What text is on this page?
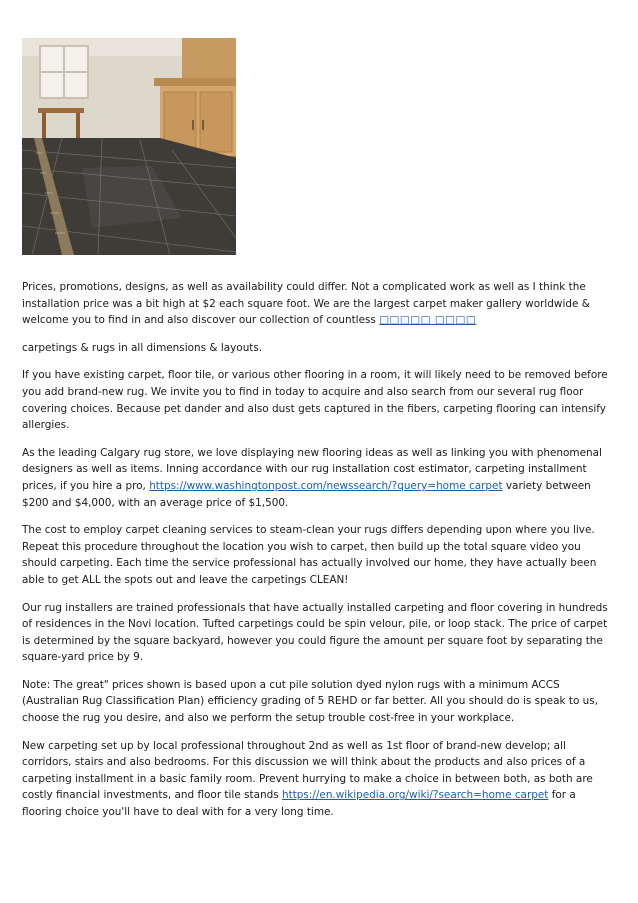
Prices, promotions, designs, as well as availability could differ. Not a complicated work as well as I think the installation price was a bit high at $2 each square foot. We are the largest carpet maker gallery worldwide & welcome you to find in and also discover our collection of countless □□□□□ □□□□

carpetings & rugs in all dimensions & layouts.

If you have existing carpet, floor tile, or various other flooring in a room, it will likely need to be removed before you add brand-new rug. We invite you to find in today to acquire and also search from our several rug floor covering choices. Because pet dander and also dust gets captured in the fibers, carpeting flooring can intensify allergies.

As the leading Calgary rug store, we love displaying new flooring ideas as well as linking you with phenomenal designers as well as items. Inning accordance with our rug installation cost estimator, carpeting installment prices, if you hire a pro, https://www.washingtonpost.com/newssearch/?query=home carpet variety between $200 and $4,000, with an average price of $1,500.

The cost to employ carpet cleaning services to steam-clean your rugs differs depending upon where you live. Repeat this procedure throughout the location you wish to carpet, then build up the total square video you should carpeting. Each time the service professional has actually involved our home, they have actually been able to get ALL the spots out and leave the carpetings CLEAN!

Our rug installers are trained professionals that have actually installed carpeting and floor covering in hundreds of residences in the Novi location. Tufted carpetings could be spin velour, pile, or loop stack. The price of carpet is determined by the square backyard, however you could figure the amount per square foot by separating the square-yard price by 9.

Note: The great" prices shown is based upon a cut pile solution dyed nylon rugs with a minimum ACCS (Australian Rug Classification Plan) efficiency grading of 5 REHD or far better. All you should do is speak to us, choose the rug you desire, and also we perform the setup trouble cost-free in your workplace.

New carpeting set up by local professional throughout 2nd as well as 1st floor of brand-new develop; all corridors, stairs and also bedrooms. For this discussion we will think about the products and also prices of a carpeting installment in a basic family room. Prevent hurrying to make a choice in between both, as both are costly financial investments, and floor tile stands https://en.wikipedia.org/wiki/?search=home carpet for a flooring choice you'll have to deal with for a very long time.
